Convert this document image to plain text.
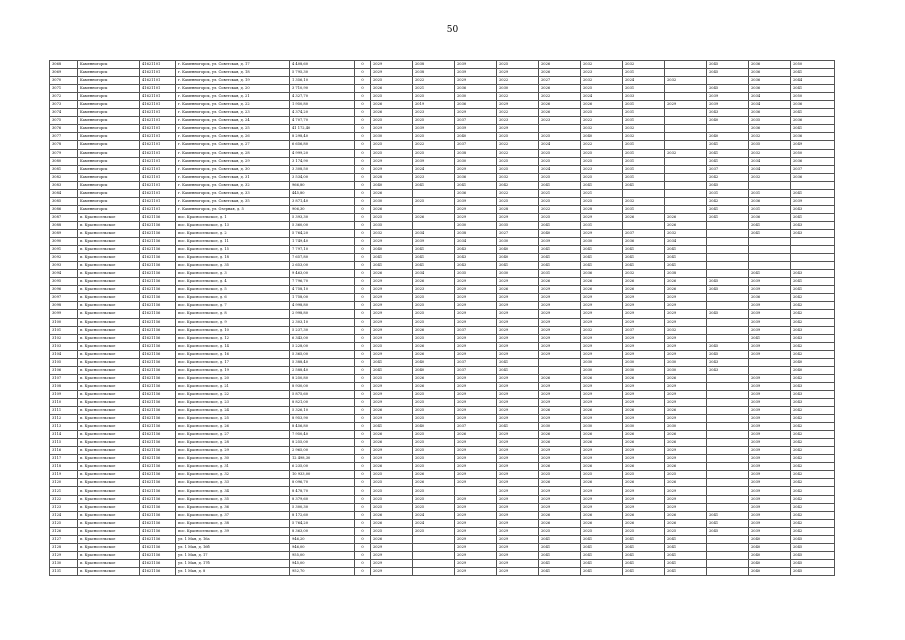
50
3068	Каменногорск	41621101	г. Каменногорск, ул. Советская, д. 17	4 408,60	0	2029	2038	2039	2025	2026	2032	2032		2045	2036	2050
3069	Каменногорск	41621101	г. Каменногорск, ул. Советская, д. 18	5 795,30	0	2029	2038	2039	2029	2026	2023	2031		2045	2036	2041
3070	Каменногорск	41621101	г. Каменногорск, ул. Советская, д. 19	1 356,10	0	2025	2022	2029	2022	2027	2032	2024	2032		2036	2044
3071	Каменногорск	41621101	г. Каменногорск, ул. Советская, д. 20	3 710,90	0	2026	2021	2036	2030	2026	2025	2031		2045	2036	2041
3072	Каменногорск	41621101	г. Каменногорск, ул. Советская, д. 21	4 327,70	0	2025	2025	2030	2022	2022	2024	2033		2039	2034	2050
3073	Каменногорск	41621101	г. Каменногорск, ул. Советская, д. 22	1 950,80	0	2026	2019	2036	2029	2026	2026	2031	2029	2039	2034	2036
3074	Каменногорск	41621101	г. Каменногорск, ул. Советская, д. 23	4 374,20	0	2026	2023	2029	2022	2026	2025	2031		2043	2036	2041
3075	Каменногорск	41621101	г. Каменногорск, ул. Советская, д. 24	4 707,70	0	2025	2025	2037	2023	2023	2022	2031		2040	2035	2036
3076	Каменногорск	41621101	г. Каменногорск, ул. Советская, д. 25	41 172,40	0	2029	2039	2039	2029		2032	2032			2036	2041
3077	Каменногорск	41621101	г. Каменногорск, ул. Советская, д. 26	8 298,40	0	2030	2025	2040	2025	2025	2040	2032		2040	2032	2036
3078	Каменногорск	41621101	г. Каменногорск, ул. Советская, д. 27	6 656,80	0	2025	2022	2037	2022	2024	2022	2031		2041	2035	2049
3079	Каменногорск	41621101	г. Каменногорск, ул. Советская, д. 28	4 999,20	0	2025	2025	2038	2022	2025	2025	2031	2032	2041	2032	2050
3080	Каменногорск	41621101	г. Каменногорск, ул. Советская, д. 29	3 174,90	0	2029	2039	2030	2025	2025	2025	2031		2041	2034	2036
3081	Каменногорск	41621101	г. Каменногорск, ул. Советская, д. 30	3 308,50	0	2029	2024	2029	2025	2024	2023	2031		2037	2034	2037
3082	Каменногорск	41621101	г. Каменногорск, ул. Советская, д. 31	3 534,00	0	2028	2023	2036	2032	2025	2025	2031		2042	2032	2036
3083	Каменногорск	41621101	г. Каменногорск, ул. Советская, д. 32	966,80	0	2040	2041	2041	2042	2041	2041	2041		2045		
3084	Каменногорск	41621101	г. Каменногорск, ул. Советская, д. 33	445,80	0	2026		2036	2022	2021	2021			2031	2031	2041
3085	Каменногорск	41621101	г. Каменногорск, ул. Советская, д. 35	3 871,40	0	2030	2025	2039	2025	2025	2025	2032		2042	2036	2039
3086	Каменногорск	41621101	г. Каменногорск, ул. Озерная, д. 5	906,30	0	2026		2029	2028	2022	2028	2031		2041	2031	2043
3087	п. Красносельское	41621156	пос. Красносельское, д. 1	5 393,30	0	2025	2026	2029	2029	2025	2029	2026	2026	2041	2036	2041
3088	п. Красносельское	41621156	пос. Красносельское, д. 13	5 360,00	0	2035		2030	2035	2041	2031		2026		2041	2043
3089	п. Красносельское	41621156	пос. Красносельское, д. 2	5 764,20	0	2032	2034	2038	2027	2040	2029	2037	2032		2041	2043
3090	п. Красносельское	41621156	пос. Красносельское, д. 11	1 749,40	0	2029	2039	2034	2030	2039	2030	2036	2034			
3091	п. Красносельское	41621156	пос. Красносельское, д. 15	7 797,10	0	2040	2041	2043	2040	2041	2041	2041	2041			
3092	п. Красносельское	41621156	пос. Красносельское, д. 18	7 657,80	0	2041	2041	2043	2040	2041	2041	2041	2041			
3093	п. Красносельское	41621156	пос. Красносельское, д. 35	2 653,00	0	2041	2041	2043	2041	2041	2041	2041	2041			
3094	п. Красносельское	41621156	пос. Красносельское, д. 3	9 463,00	0	2026	2034	2035	2030	2031	2036	2032	2038		2041	2043
3095	п. Красносельское	41621156	пос. Красносельское, д. 4	7 796,70	0	2029	2026	2029	2029	2026	2026	2026	2026	2045	2039	2041
3096	п. Красносельское	41621156	пос. Красносельское, д. 5	4 758,10	0	2029	2023	2029	2026	2029	2026	2026	2026	2045	2039	2041
3097	п. Красносельское	41621156	пос. Красносельское, д. 6	1 758,00	0	2029	2025	2029	2029	2029	2029	2029	2029		2036	2042
3098	п. Красносельское	41621156	пос. Красносельское, д. 7	4 998,80	0	2029	2025	2029	2029	2029	2029	2029	2029		2039	2042
3099	п. Красносельское	41621156	пос. Красносельское, д. 8	2 998,80	0	2029	2025	2029	2029	2029	2029	2029	2029	2045	2039	2042
3100	п. Красносельское	41621156	пос. Красносельское, д. 9	2 303,10	0	2029	2025	2029	2029	2029	2029	2029	2029		2039	2042
3101	п. Красносельское	41621156	пос. Красносельское, д. 10	5 237,30	0	2029	2026	2037	2029	2029	2032	2037	2032		2039	2043
3102	п. Красносельское	41621156	пос. Красносельское, д. 12	6 343,00	0	2029	2025	2029	2029	2029	2029	2029	2029		2041	2043
3103	п. Красносельское	41621156	пос. Красносельское, д. 14	5 228,00	0	2025	2026	2029	2029	2029	2029	2029	2029	2045	2039	2042
3104	п. Красносельское	41621156	пос. Красносельское, д. 16	5 365,00	0	2029	2026	2029	2029	2029	2029	2029	2029	2045	2039	2042
3105	п. Красносельское	41621156	пос. Красносельское, д. 17	5 388,40	0	2041	2040	2037	2041		2030	2030	2030	2043		2040
3106	п. Красносельское	41621156	пос. Красносельское, д. 19	2 588,40	0	2041	2040	2037	2041		2030	2030	2030	2043		2040
3107	п. Красносельское	41621156	пос. Красносельское, д. 20	8 250,80	0	2025	2026	2029	2029	2026	2026	2026	2026		2039	2042
3108	п. Красносельское	41621156	пос. Красносельское, д. 21	8 930,00	0	2029	2026	2029	2029	2029	2029	2029	2029		2039	2043
3109	п. Красносельское	41621156	пос. Красносельское, д. 22	5 875,60	0	2029	2025	2029	2029	2029	2029	2029	2029		2039	2043
3110	п. Красносельское	41621156	пос. Красносельское, д. 23	8 821,00	0	2029	2025	2029	2029	2029	2029	2029	2029		2039	2043
3111	п. Красносельское	41621156	пос. Красносельское, д. 24	5 326,10	0	2026	2025	2029	2029	2026	2026	2026	2026		2039	2042
3112	п. Красносельское	41621156	пос. Красносельское, д. 25	8 953,90	0	2029	2025	2029	2029	2029	2029	2029	2029		2039	2042
3113	п. Красносельское	41621156	пос. Красносельское, д. 26	8 456,80	0	2041	2040	2037	2041	2030	2030	2030	2030		2039	2042
3114	п. Красносельское	41621156	пос. Красносельское, д. 27	7 950,40	0	2026	2025	2026	2029	2026	2026	2026	2026		2039	2042
3115	п. Красносельское	41621156	пос. Красносельское, д. 28	8 255,00	0	2026	2025	2029	2029	2026	2026	2026	2026		2039	2042
3116	п. Красносельское	41621156	пос. Красносельское, д. 29	2 965,00	0	2029	2025	2029	2029	2029	2029	2029	2029		2039	2042
3117	п. Красносельское	41621156	пос. Красносельское, д. 30	12 498,30	0	2029	2025	2029	2029	2029	2029	2029	2029		2039	2042
3118	п. Красносельское	41621156	пос. Красносельское, д. 31	6 235,00	0	2026	2025	2029	2029	2026	2026	2026	2026		2039	2042
3119	п. Красносельское	41621156	пос. Красносельское, д. 32	10 933,00	0	2025	2026	2029	2029	2025	2025	2025	2025		2039	2042
3120	п. Красносельское	41621156	пос. Красносельское, д. 33	8 096,70	0	2025	2026	2029	2029	2026	2026	2026	2026		2039	2042
3121	п. Красносельское	41621156	пос. Красносельское, д. 34	8 478,70	0	2025	2025		2029	2029	2029	2029	2029		2039	2042
3122	п. Красносельское	41621156	пос. Красносельское, д. 35	8 379,60	0	2025	2025	2029	2029	2029	2029	2029	2029		2039	2042
3123	п. Красносельское	41621156	пос. Красносельское, д. 36	5 300,30	0	2025	2025	2029	2029	2029	2029	2029	2029		2039	2042
3124	п. Красносельское	41621156	пос. Красносельское, д. 37	8 172,60	0	2026	2024	2029	2029	2026	2026	2026	2026	2041	2039	2042
3125	п. Красносельское	41621156	пос. Красносельское, д. 38	5 764,20	0	2026	2024	2029	2029	2026	2026	2026	2026	2041	2039	2042
3126	п. Красносельское	41621156	пос. Красносельское, д. 39	8 363,00	0	2025	2025	2029	2029	2025	2025	2025	2025	2045	2039	2042
3127	п. Красносельское	41621156	ул. 1 Мая, д. 16а	946,20	0	2026		2029	2029	2041	2041	2041	2041		2040	2045
3128	п. Красносельское	41621156	ул. 1 Мая, д. 16б	946,00	0	2029		2029	2029	2041	2041	2041	2041		2040	2045
3129	п. Красносельское	41621156	ул. 1 Мая, д. 17	955,00	0	2029		2029	2029	2041	2041	2041	2041		2040	2045
3130	п. Красносельское	41621156	ул. 1 Мая, д. 17б	945,00	0	2029		2029	2029	2041	2041	2041	2041		2040	2045
3131	п. Красносельское	41621156	ул. 1 Мая, д. 8	952,70	0	2029		2029	2029	2041	2041	2041	2041		2040	2045
